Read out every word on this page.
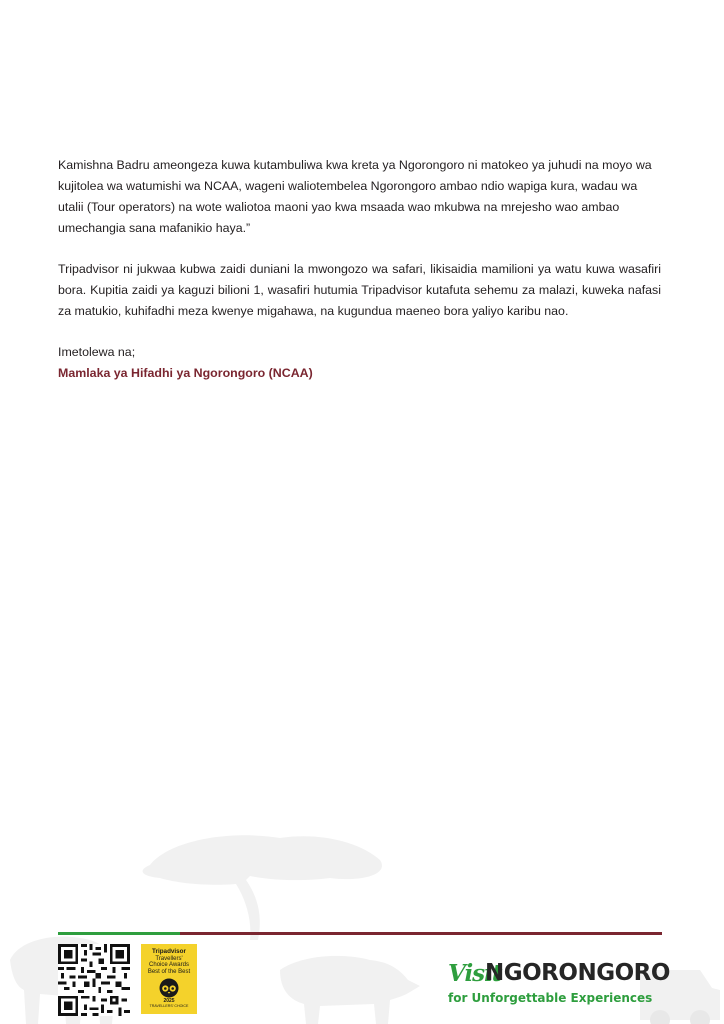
Kamishna Badru ameongeza kuwa kutambuliwa kwa kreta ya Ngorongoro ni matokeo ya juhudi na moyo wa kujitolea wa watumishi wa NCAA, wageni waliotembelea Ngorongoro ambao ndio wapiga kura, wadau wa utalii (Tour operators) na wote waliotoa maoni yao kwa msaada wao mkubwa na mrejesho wao ambao umechangia sana mafanikio haya.”

Tripadvisor ni jukwaa kubwa zaidi duniani la mwongozo wa safari, likisaidia mamilioni ya watu kuwa wasafiri bora. Kupitia zaidi ya kaguzi bilioni 1, wasafiri hutumia Tripadvisor kutafuta sehemu za malazi, kuweka nafasi za matukio, kuhifadhi meza kwenye migahawa, na kugundua maeneo bora yaliyo karibu nao.

Imetolewa na;

Mamlaka ya Hifadhi ya Ngorongoro (NCAA)

Tripadvisor
Travellers'
Choice Awards
Best of the Best
2025
TRAVELLERS' CHOICE
Visit
NGORONGORO
for Unforgettable Experiences
